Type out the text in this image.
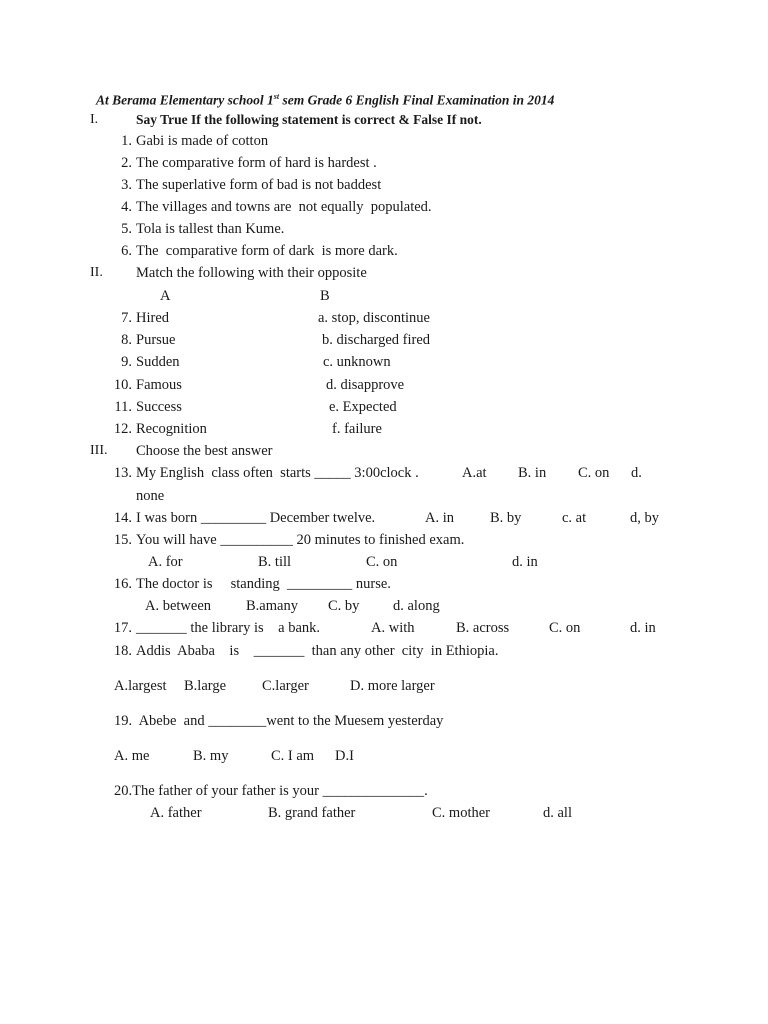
At Berama Elementary school 1st sem Grade 6 English Final Examination in 2014
I.	Say True If the following statement is correct & False If not.
1. Gabi is made of cotton
2. The comparative form of hard is hardest .
3. The superlative form of bad is not baddest
4. The villages and towns are  not equally  populated.
5. Tola is tallest than Kume.
6. The  comparative form of dark  is more dark.
II. Match the following with their opposite
A	B
7. Hired	a. stop, discontinue
8. Pursue	b. discharged fired
9. Sudden	c. unknown
10. Famous	d. disapprove
11. Success	e. Expected
12. Recognition	f. failure
III. Choose the best answer
13. My English  class often  starts _____ 3:00clock .	A.at B. in C. on d.
none
14. I was born _________ December twelve.	A. in B. by	c. at	d, by
15. You will have __________ 20 minutes to finished exam.
A. for	B. till	C. on	d. in
16. The doctor is     standing  _________ nurse.
A. between B.amany C. by d. along
17. _______ the library is    a bank.	A. with	B. across	C. on	d. in
18. Addis  Ababa    is    _______  than any other  city  in Ethiopia.
A.largest B.large C.larger	D. more larger
19.  Abebe  and ________went to the Muesem yesterday
A. me	B. my	C. I am D.I
20.The father of your father is your ______________.
A. father	B. grand father	C. mother	d. all
